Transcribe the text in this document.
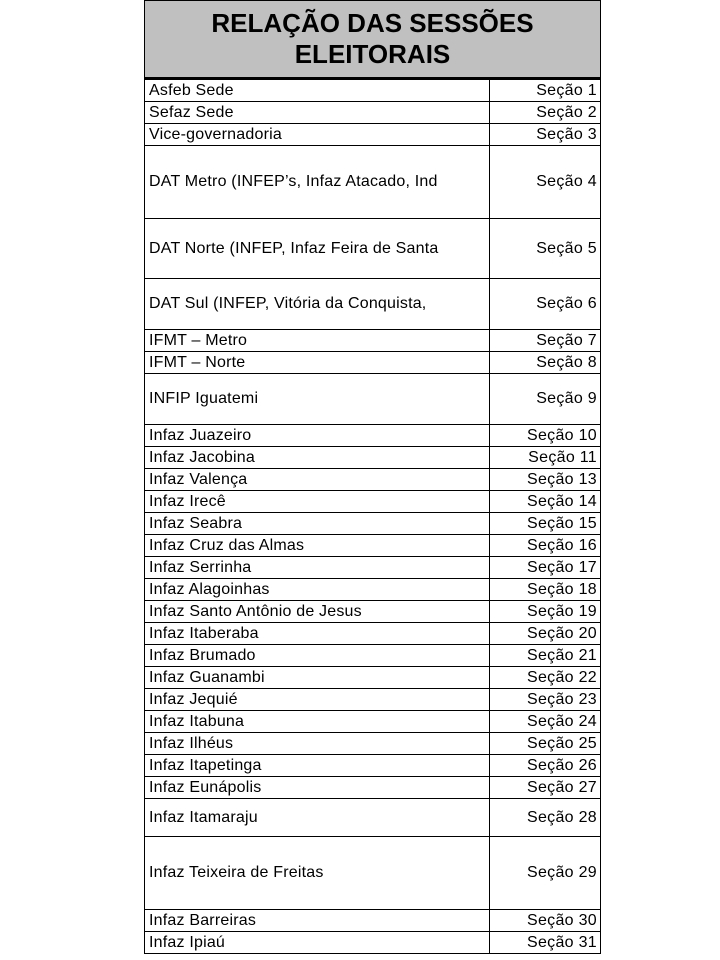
RELAÇÃO DAS SESSÕES
ELEITORAIS
Asfeb Sede	Seção 1
Sefaz Sede	Seção 2
Vice-governadoria	Seção 3
DAT Metro (INFEP’s, Infaz Atacado, Ind	Seção 4
DAT Norte (INFEP, Infaz Feira de Santa	Seção 5
DAT Sul (INFEP, Vitória da Conquista,	Seção 6
IFMT – Metro	Seção 7
IFMT – Norte	Seção 8
INFIP Iguatemi	Seção 9
Infaz Juazeiro	Seção 10
Infaz Jacobina	Seção 11
Infaz Valença	Seção 13
Infaz Irecê	Seção 14
Infaz Seabra	Seção 15
Infaz Cruz das Almas	Seção 16
Infaz Serrinha	Seção 17
Infaz Alagoinhas	Seção 18
Infaz Santo Antônio de Jesus	Seção 19
Infaz Itaberaba	Seção 20
Infaz Brumado	Seção 21
Infaz Guanambi	Seção 22
Infaz Jequié	Seção 23
Infaz Itabuna	Seção 24
Infaz Ilhéus	Seção 25
Infaz Itapetinga	Seção 26
Infaz Eunápolis	Seção 27
Infaz Itamaraju	Seção 28
Infaz Teixeira de Freitas	Seção 29
Infaz Barreiras	Seção 30
Infaz Ipiaú	Seção 31
